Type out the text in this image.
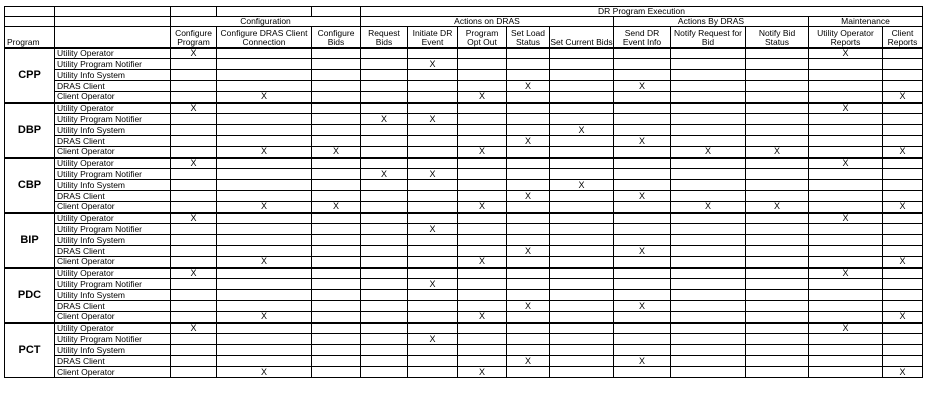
					DR Program Execution									
		Configuration			Actions on DRAS					Actions By DRAS			Maintenance	
Program		Configure Program	Configure DRAS Client Connection	Configure Bids	Request Bids	Initiate DR Event	Program Opt Out	Set Load Status	Set Current Bids	Send DR Event Info	Notify Request for Bid	Notify Bid Status	Utility Operator Reports	Client Reports
CPP	Utility Operator	X											X	
	Utility Program Notifier					X								
	Utility Info System													
	DRAS Client							X		X				
	Client Operator		X				X							X
DBP	Utility Operator	X											X	
	Utility Program Notifier				X	X								
	Utility Info System								X					
	DRAS Client							X		X				
	Client Operator		X	X			X				X	X		X
CBP	Utility Operator	X											X	
	Utility Program Notifier				X	X								
	Utility Info System								X					
	DRAS Client							X		X				
	Client Operator		X	X			X				X	X		X
BIP	Utility Operator	X											X	
	Utility Program Notifier					X								
	Utility Info System													
	DRAS Client							X		X				
	Client Operator		X				X							X
PDC	Utility Operator	X											X	
	Utility Program Notifier					X								
	Utility Info System													
	DRAS Client							X		X				
	Client Operator		X				X							X
PCT	Utility Operator	X											X	
	Utility Program Notifier					X								
	Utility Info System													
	DRAS Client							X		X				
	Client Operator		X				X							X
